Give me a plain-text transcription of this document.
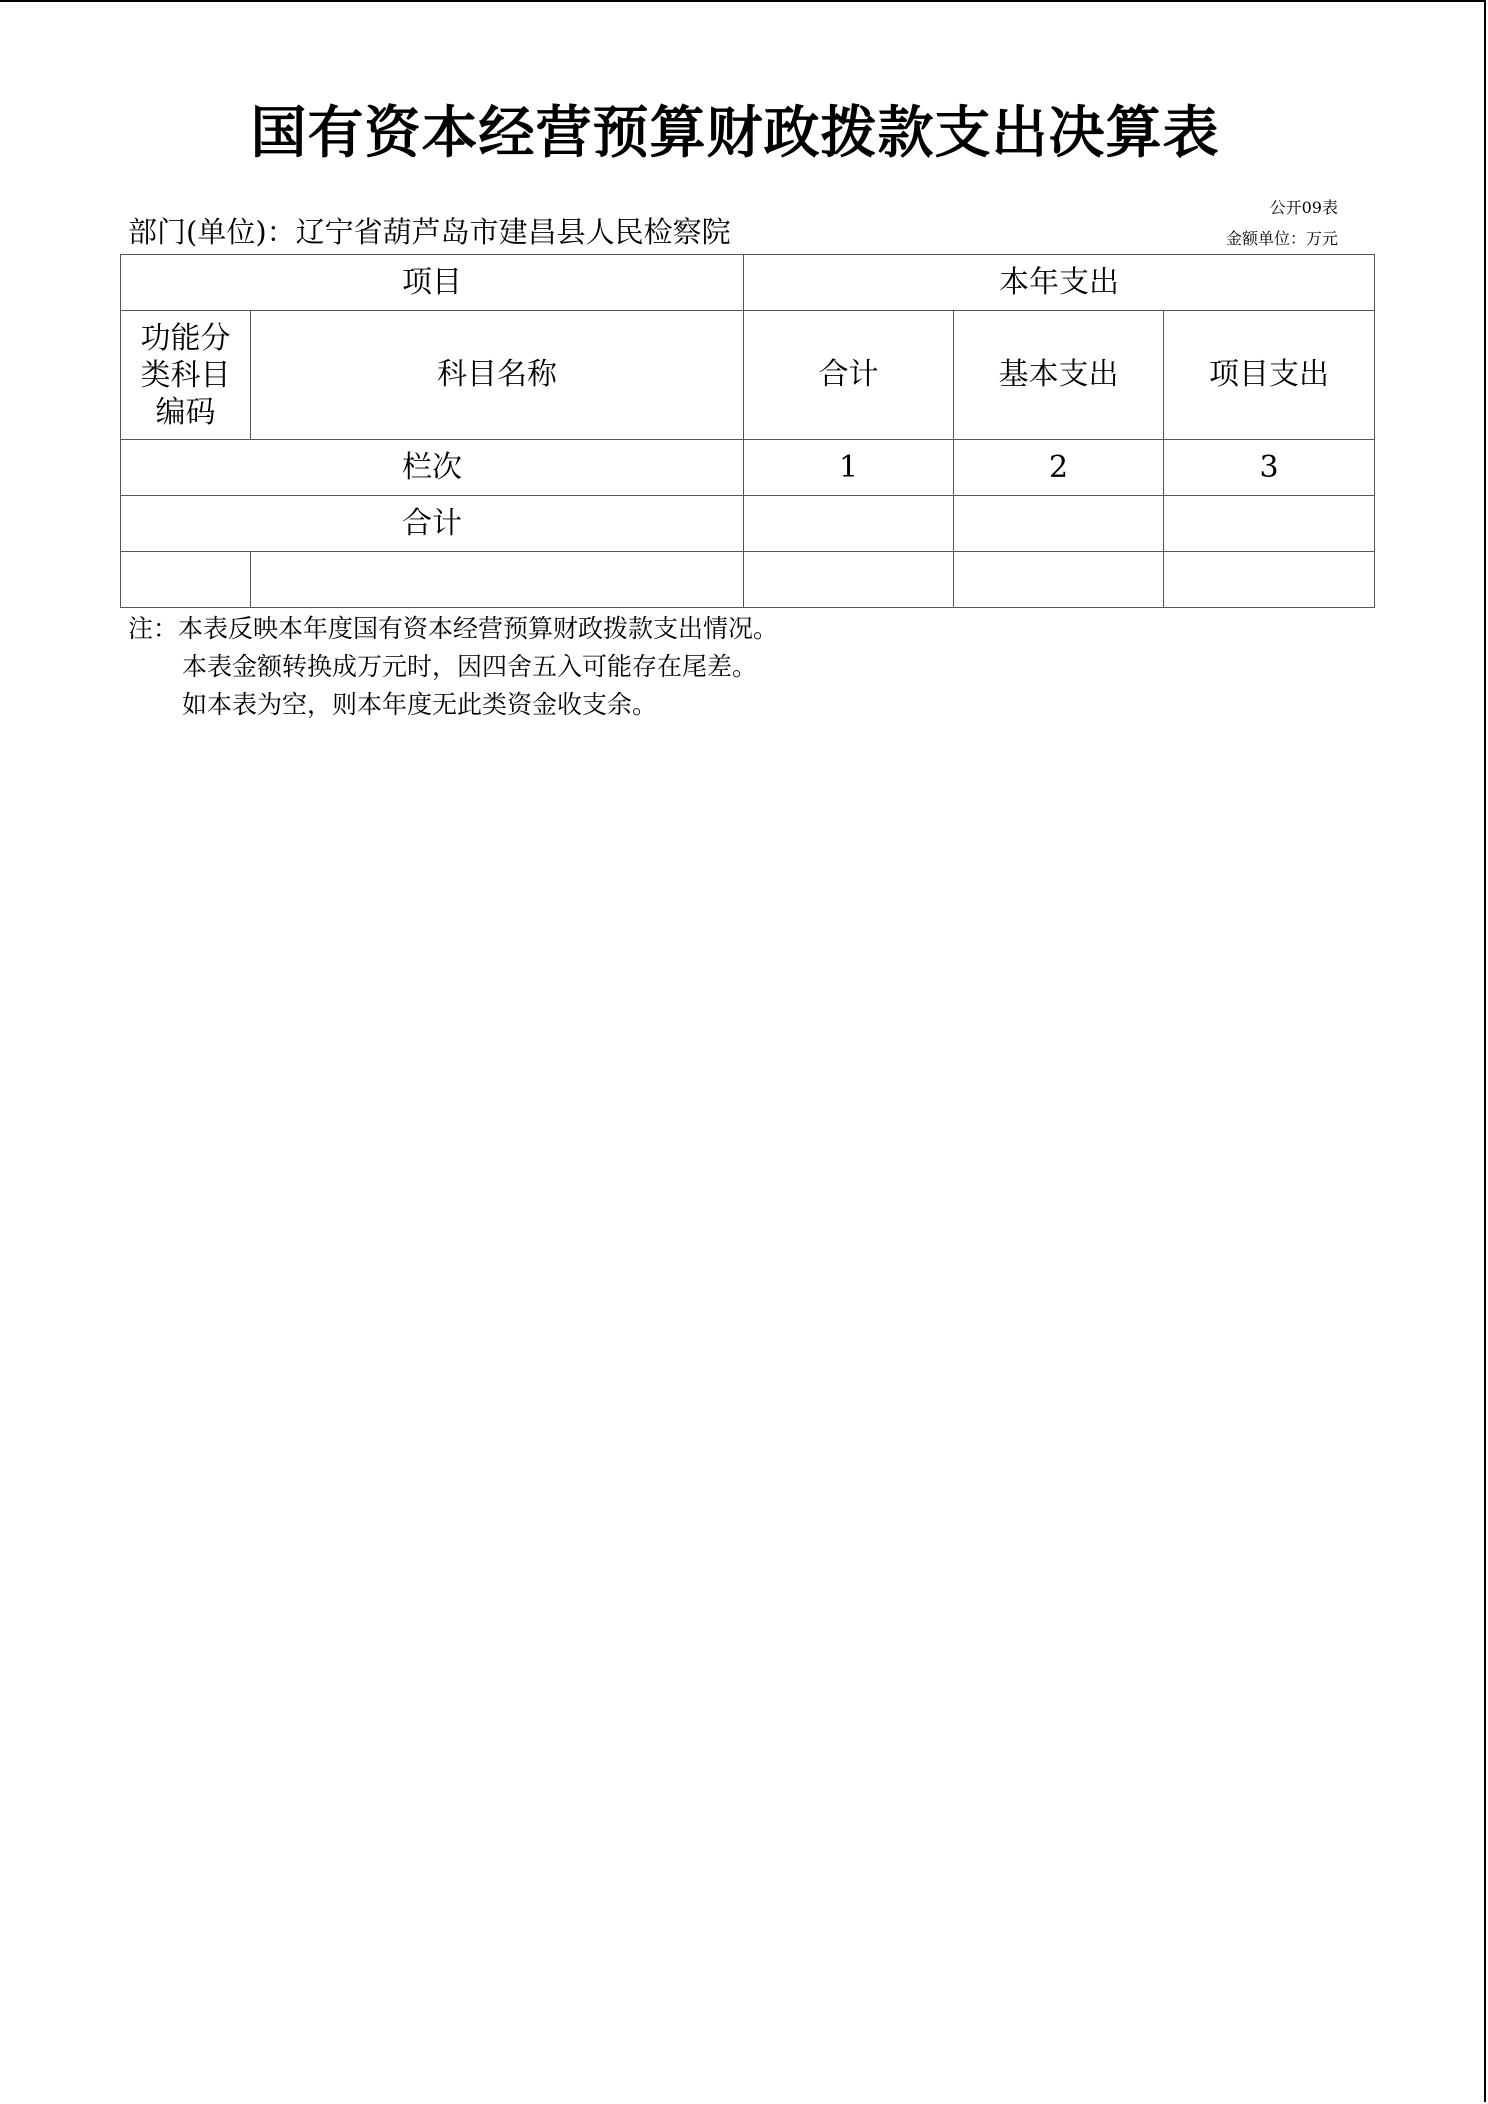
国有资本经营预算财政拨款支出决算表
公开09表
金额单位：万元
部门(单位)：辽宁省葫芦岛市建昌县人民检察院
项目		本年支出		

功能分类科目编码	科目名称	合计	基本支出	项目支出
栏次		1	2	3
合计				

注：本表反映本年度国有资本经营预算财政拨款支出情况。
本表金额转换成万元时，因四舍五入可能存在尾差。
如本表为空，则本年度无此类资金收支余。
